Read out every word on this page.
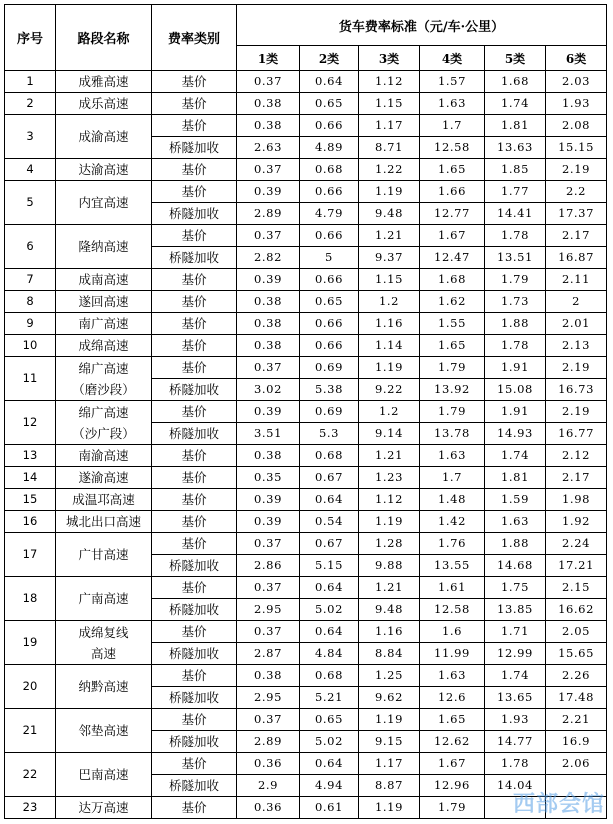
序号	路段名称	费率类别	货车费率标准（元/车·公里）					
			1类	2类	3类	4类	5类	6类
1	成雅高速	基价	0.37	0.64	1.12	1.57	1.68	2.03
2	成乐高速	基价	0.38	0.65	1.15	1.63	1.74	1.93
3	成渝高速	基价	0.38	0.66	1.17	1.7	1.81	2.08
		桥隧加收	2.63	4.89	8.71	12.58	13.63	15.15
4	达渝高速	基价	0.37	0.68	1.22	1.65	1.85	2.19
5	内宜高速	基价	0.39	0.66	1.19	1.66	1.77	2.2
		桥隧加收	2.89	4.79	9.48	12.77	14.41	17.37
6	隆纳高速	基价	0.37	0.66	1.21	1.67	1.78	2.17
		桥隧加收	2.82	5	9.37	12.47	13.51	16.87
7	成南高速	基价	0.39	0.66	1.15	1.68	1.79	2.11
8	遂回高速	基价	0.38	0.65	1.2	1.62	1.73	2
9	南广高速	基价	0.38	0.66	1.16	1.55	1.88	2.01
10	成绵高速	基价	0.38	0.66	1.14	1.65	1.78	2.13
11	绵广高速
（磨沙段）	基价	0.37	0.69	1.19	1.79	1.91	2.19
		桥隧加收	3.02	5.38	9.22	13.92	15.08	16.73
12	绵广高速
（沙广段）	基价	0.39	0.69	1.2	1.79	1.91	2.19
		桥隧加收	3.51	5.3	9.14	13.78	14.93	16.77
13	南渝高速	基价	0.38	0.68	1.21	1.63	1.74	2.12
14	遂渝高速	基价	0.35	0.67	1.23	1.7	1.81	2.17
15	成温邛高速	基价	0.39	0.64	1.12	1.48	1.59	1.98
16	城北出口高速	基价	0.39	0.54	1.19	1.42	1.63	1.92
17	广甘高速	基价	0.37	0.67	1.28	1.76	1.88	2.24
		桥隧加收	2.86	5.15	9.88	13.55	14.68	17.21
18	广南高速	基价	0.37	0.64	1.21	1.61	1.75	2.15
		桥隧加收	2.95	5.02	9.48	12.58	13.85	16.62
19	成绵复线
高速	基价	0.37	0.64	1.16	1.6	1.71	2.05
		桥隧加收	2.87	4.84	8.84	11.99	12.99	15.65
20	纳黔高速	基价	0.38	0.68	1.25	1.63	1.74	2.26
		桥隧加收	2.95	5.21	9.62	12.6	13.65	17.48
21	邻垫高速	基价	0.37	0.65	1.19	1.65	1.93	2.21
		桥隧加收	2.89	5.02	9.15	12.62	14.77	16.9
22	巴南高速	基价	0.36	0.64	1.17	1.67	1.78	2.06
		桥隧加收	2.9	4.94	8.87	12.96	14.04	
23	达万高速	基价	0.36	0.61	1.19	1.79		西部会馆
